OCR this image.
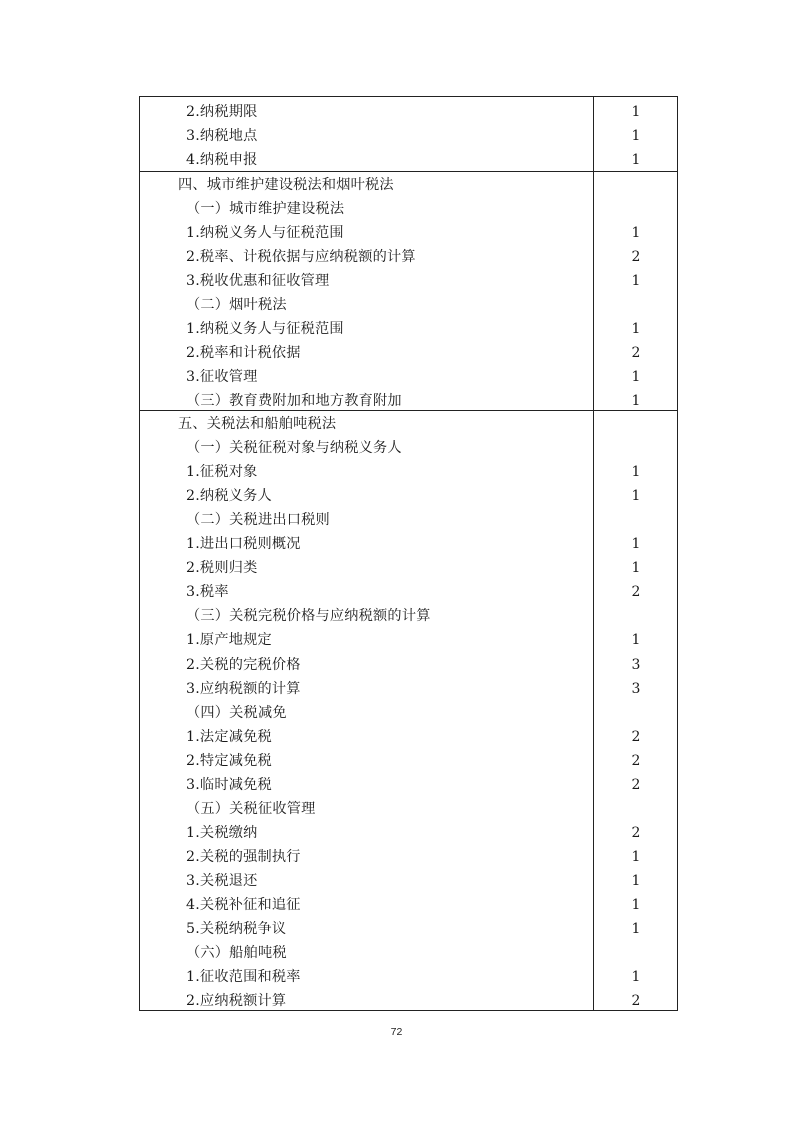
2.纳税期限	1
3.纳税地点	1
4.纳税申报	1
四、城市维护建设税法和烟叶税法
（一）城市维护建设税法
1.纳税义务人与征税范围	1
2.税率、计税依据与应纳税额的计算	2
3.税收优惠和征收管理	1
（二）烟叶税法
1.纳税义务人与征税范围	1
2.税率和计税依据	2
3.征收管理	1
（三）教育费附加和地方教育附加	1
五、关税法和船舶吨税法
（一）关税征税对象与纳税义务人
1.征税对象	1
2.纳税义务人	1
（二）关税进出口税则
1.进出口税则概况	1
2.税则归类	1
3.税率	2
（三）关税完税价格与应纳税额的计算
1.原产地规定	1
2.关税的完税价格	3
3.应纳税额的计算	3
（四）关税减免
1.法定减免税	2
2.特定减免税	2
3.临时减免税	2
（五）关税征收管理
1.关税缴纳	2
2.关税的强制执行	1
3.关税退还	1
4.关税补征和追征	1
5.关税纳税争议	1
（六）船舶吨税
1.征收范围和税率	1
2.应纳税额计算	2
72
